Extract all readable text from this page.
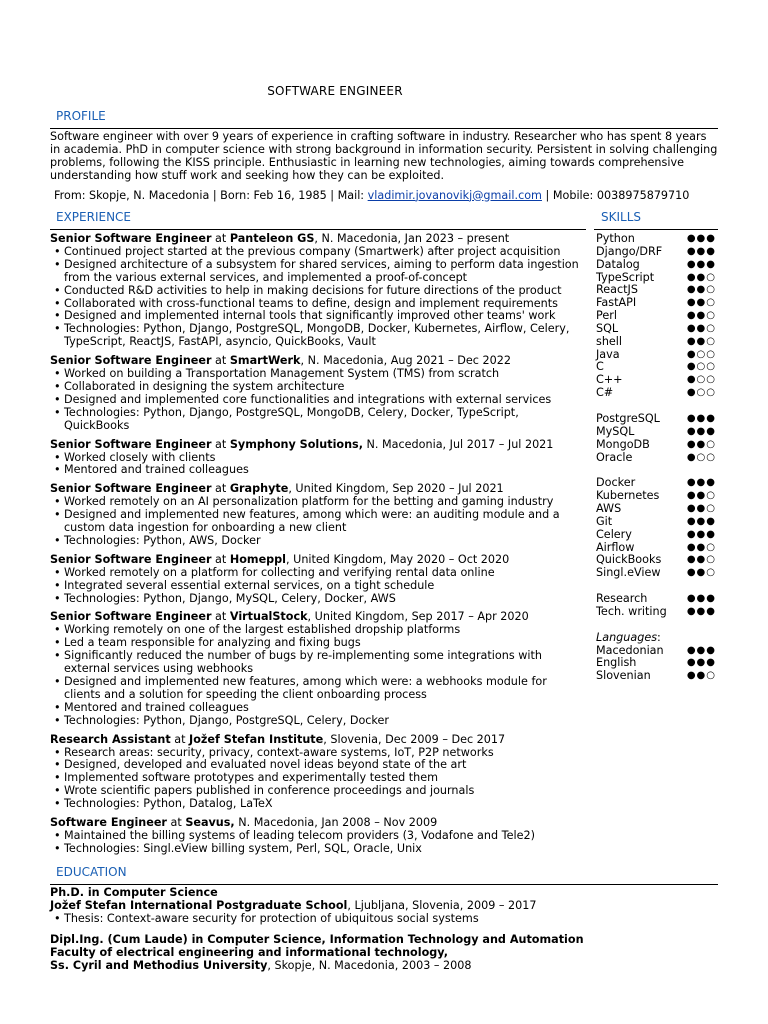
SOFTWARE ENGINEER
PROFILE

Software engineer with over 9 years of experience in crafting software in industry. Researcher who has spent 8 years in academia. PhD in computer science with strong background in information security. Persistent in solving challenging problems, following the KISS principle. Enthusiastic in learning new technologies, aiming towards comprehensive understanding how stuff work and seeking how they can be exploited.

From: Skopje, N. Macedonia | Born: Feb 16, 1985 | Mail: vladimir.jovanovikj@gmail.com | Mobile: 0038975879710

EXPERIENCE	SKILLS
Senior Software Engineer at Panteleon GS, N. Macedonia, Jan 2023 – present
• Continued project started at the previous company (Smartwerk) after project acquisition
• Designed architecture of a subsystem for shared services, aiming to perform data ingestion from the various external services, and implemented a proof-of-concept
• Conducted R&D activities to help in making decisions for future directions of the product
• Collaborated with cross-functional teams to define, design and implement requirements
• Designed and implemented internal tools that significantly improved other teams' work
• Technologies: Python, Django, PostgreSQL, MongoDB, Docker, Kubernetes, Airflow, Celery, TypeScript, ReactJS, FastAPI, asyncio, QuickBooks, Vault
Senior Software Engineer at SmartWerk, N. Macedonia, Aug 2021 – Dec 2022
• Worked on building a Transportation Management System (TMS) from scratch
• Collaborated in designing the system architecture
• Designed and implemented core functionalities and integrations with external services
• Technologies: Python, Django, PostgreSQL, MongoDB, Celery, Docker, TypeScript, QuickBooks
Senior Software Engineer at Symphony Solutions, N. Macedonia, Jul 2017 – Jul 2021
• Worked closely with clients
• Mentored and trained colleagues
Senior Software Engineer at Graphyte, United Kingdom, Sep 2020 – Jul 2021
• Worked remotely on an AI personalization platform for the betting and gaming industry
• Designed and implemented new features, among which were: an auditing module and a custom data ingestion for onboarding a new client
• Technologies: Python, AWS, Docker
Senior Software Engineer at Homeppl, United Kingdom, May 2020 – Oct 2020
• Worked remotely on a platform for collecting and verifying rental data online
• Integrated several essential external services, on a tight schedule
• Technologies: Python, Django, MySQL, Celery, Docker, AWS
Senior Software Engineer at VirtualStock, United Kingdom, Sep 2017 – Apr 2020
• Working remotely on one of the largest established dropship platforms
• Led a team responsible for analyzing and fixing bugs
• Significantly reduced the number of bugs by re-implementing some integrations with external services using webhooks
• Designed and implemented new features, among which were: a webhooks module for clients and a solution for speeding the client onboarding process
• Mentored and trained colleagues
• Technologies: Python, Django, PostgreSQL, Celery, Docker
Research Assistant at Jožef Stefan Institute, Slovenia, Dec 2009 – Dec 2017
• Research areas: security, privacy, context-aware systems, IoT, P2P networks
• Designed, developed and evaluated novel ideas beyond state of the art
• Implemented software prototypes and experimentally tested them
• Wrote scientific papers published in conference proceedings and journals
• Technologies: Python, Datalog, LaTeX
Software Engineer at Seavus, N. Macedonia, Jan 2008 – Nov 2009
• Maintained the billing systems of leading telecom providers (3, Vodafone and Tele2)
• Technologies: Singl.eView billing system, Perl, SQL, Oracle, Unix
Python	●●●
Django/DRF ●●●
Datalog	●●●
TypeScript	●●○
ReactJS	●●○
FastAPI	●●○
Perl	●●○
SQL	●●○
shell	●●○
Java	●○○
C	●○○
C++	●○○
C#	●○○
PostgreSQL	●●●
MySQL	●●●
MongoDB	●●○
Oracle	●○○
Docker	●●●
Kubernetes	●●○
AWS	●●○
Git	●●●
Celery	●●●
Airflow	●●○
QuickBooks	●●○
Singl.eView	●●○
Research	●●●
Tech. writing ●●●
Languages:
Macedonian ●●●
English	●●●
Slovenian	●●○
EDUCATION
Ph.D. in Computer Science
Jožef Stefan International Postgraduate School, Ljubljana, Slovenia, 2009 – 2017
• Thesis: Context-aware security for protection of ubiquitous social systems
Dipl.Ing. (Cum Laude) in Computer Science, Information Technology and Automation
Faculty of electrical engineering and informational technology,
Ss. Cyril and Methodius University, Skopje, N. Macedonia, 2003 – 2008
